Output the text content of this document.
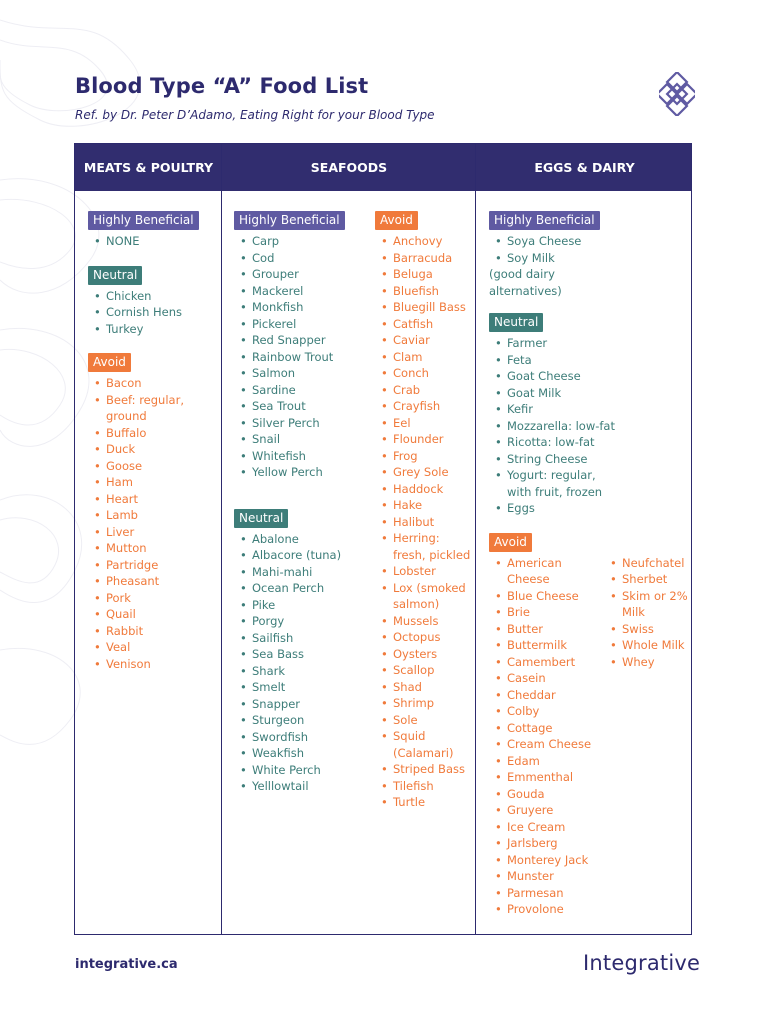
Blood Type “A” Food List
Ref. by Dr. Peter D’Adamo, Eating Right for your Blood Type
MEATS & POULTRY	SEAFOODS	EGGS & DAIRY
Highly Beneficial
• NONE
Neutral
• Chicken
• Cornish Hens
• Turkey
Avoid
• Bacon
• Beef: regular, ground
• Buffalo
• Duck
• Goose
• Ham
• Heart
• Lamb
• Liver
• Mutton
• Partridge
• Pheasant
• Pork
• Quail
• Rabbit
• Veal
• Venison
Highly Beneficial
• Carp
• Cod
• Grouper
• Mackerel
• Monkfish
• Pickerel
• Red Snapper
• Rainbow Trout
• Salmon
• Sardine
• Sea Trout
• Silver Perch
• Snail
• Whitefish
• Yellow Perch
Neutral
• Abalone
• Albacore (tuna)
• Mahi-mahi
• Ocean Perch
• Pike
• Porgy
• Sailfish
• Sea Bass
• Shark
• Smelt
• Snapper
• Sturgeon
• Swordfish
• Weakfish
• White Perch
• Yelllowtail
Avoid
• Anchovy
• Barracuda
• Beluga
• Bluefish
• Bluegill Bass
• Catfish
• Caviar
• Clam
• Conch
• Crab
• Crayfish
• Eel
• Flounder
• Frog
• Grey Sole
• Haddock
• Hake
• Halibut
• Herring: fresh, pickled
• Lobster
• Lox (smoked salmon)
• Mussels
• Octopus
• Oysters
• Scallop
• Shad
• Shrimp
• Sole
• Squid (Calamari)
• Striped Bass
• Tilefish
• Turtle
Highly Beneficial
• Soya Cheese
• Soy Milk
(good dairy alternatives)
Neutral
• Farmer
• Feta
• Goat Cheese
• Goat Milk
• Kefir
• Mozzarella: low-fat
• Ricotta: low-fat
• String Cheese
• Yogurt: regular, with fruit, frozen
• Eggs
Avoid
• American Cheese
• Blue Cheese
• Brie
• Butter
• Buttermilk
• Camembert
• Casein
• Cheddar
• Colby
• Cottage
• Cream Cheese
• Edam
• Emmenthal
• Gouda
• Gruyere
• Ice Cream
• Jarlsberg
• Monterey Jack
• Munster
• Parmesan
• Provolone
• Neufchatel
• Sherbet
• Skim or 2% Milk
• Swiss
• Whole Milk
• Whey
integrative.ca	Integrative
